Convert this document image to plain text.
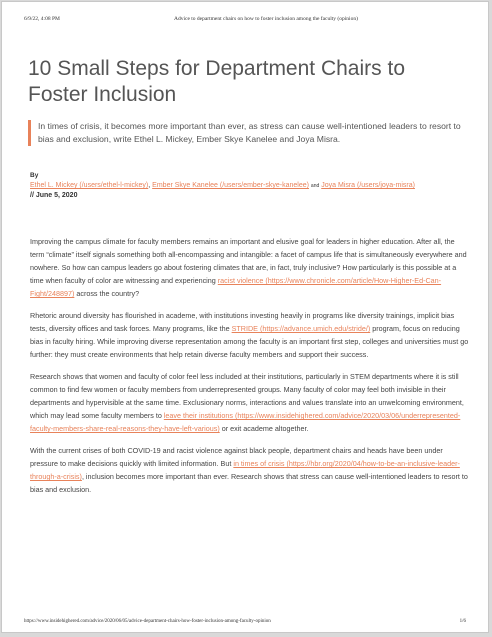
6/9/22, 4:08 PM	Advice to department chairs on how to foster inclusion among the faculty (opinion)
10 Small Steps for Department Chairs to Foster Inclusion
In times of crisis, it becomes more important than ever, as stress can cause well-intentioned leaders to resort to bias and exclusion, write Ethel L. Mickey, Ember Skye Kanelee and Joya Misra.
By
Ethel L. Mickey (/users/ethel-l-mickey), Ember Skye Kanelee (/users/ember-skye-kanelee) and Joya Misra (/users/joya-misra)
// June 5, 2020

Improving the campus climate for faculty members remains an important and elusive goal for leaders in higher education. After all, the term “climate” itself signals something both all-encompassing and intangible: a facet of campus life that is simultaneously everywhere and nowhere. So how can campus leaders go about fostering climates that are, in fact, truly inclusive? How particularly is this possible at a time when faculty of color are witnessing and experiencing racist violence (https://www.chronicle.com/article/How-Higher-Ed-Can-Fight/248897) across the country?

Rhetoric around diversity has flourished in academe, with institutions investing heavily in programs like diversity trainings, implicit bias tests, diversity offices and task forces. Many programs, like the STRIDE (https://advance.umich.edu/stride/) program, focus on reducing bias in faculty hiring. While improving diverse representation among the faculty is an important first step, colleges and universities must go further: they must create environments that help retain diverse faculty members and support their success.

Research shows that women and faculty of color feel less included at their institutions, particularly in STEM departments where it is still common to find few women or faculty members from underrepresented groups. Many faculty of color may feel both invisible in their departments and hypervisible at the same time. Exclusionary norms, interactions and values translate into an unwelcoming environment, which may lead some faculty members to leave their institutions (https://www.insidehighered.com/advice/2020/03/06/underrepresented-faculty-members-share-real-reasons-they-have-left-various) or exit academe altogether.

With the current crises of both COVID-19 and racist violence against black people, department chairs and heads have been under pressure to make decisions quickly with limited information. But in times of crisis (https://hbr.org/2020/04/how-to-be-an-inclusive-leader-through-a-crisis), inclusion becomes more important than ever. Research shows that stress can cause well-intentioned leaders to resort to bias and exclusion.

https://www.insidehighered.com/advice/2020/06/05/advice-department-chairs-how-foster-inclusion-among-faculty-opinion	1/6
